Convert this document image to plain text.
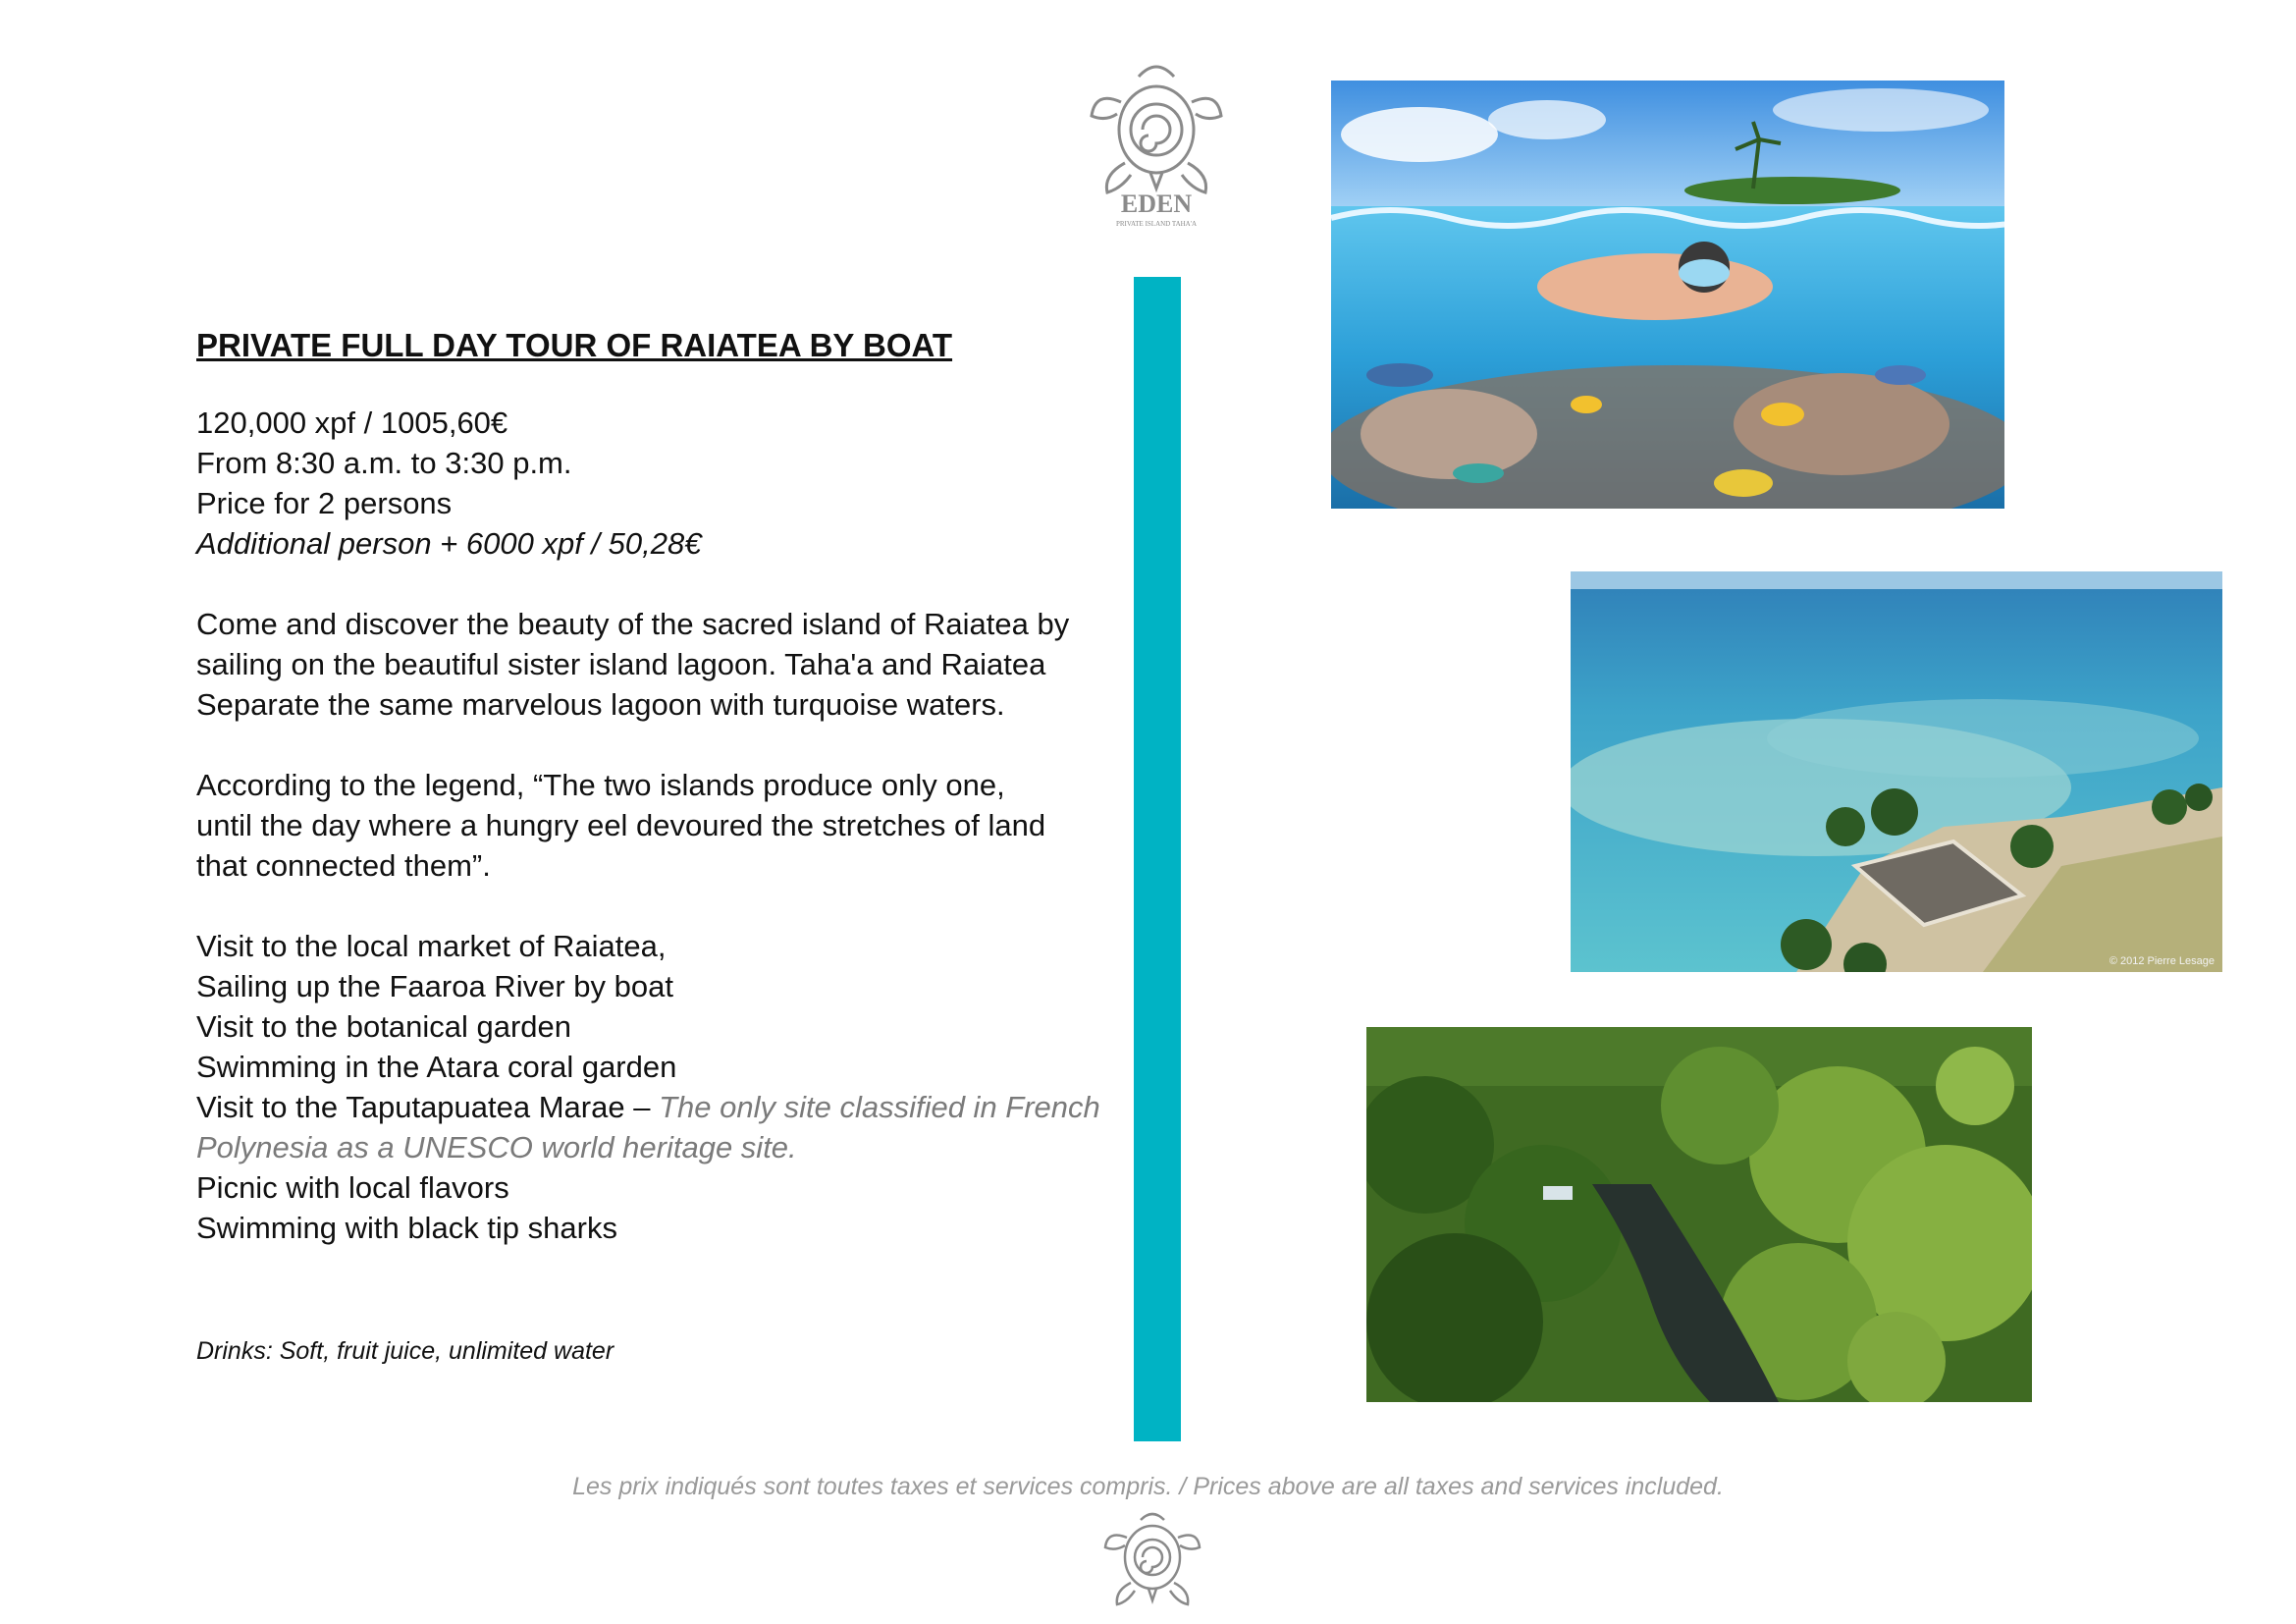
EDEN
PRIVATE ISLAND TAHA'A
PRIVATE FULL DAY TOUR OF RAIATEA BY BOAT
120,000 xpf / 1005,60€
From 8:30 a.m. to 3:30 p.m.
Price for 2 persons
Additional person + 6000 xpf / 50,28€
Come and discover the beauty of the sacred island of Raiatea by
sailing on the beautiful sister island lagoon. Taha'a and Raiatea
Separate the same marvelous lagoon with turquoise waters.
According to the legend, “The two islands produce only one,
until the day where a hungry eel devoured the stretches of land
that connected them”.
Visit to the local market of Raiatea,
Sailing up the Faaroa River by boat
Visit to the botanical garden
Swimming in the Atara coral garden
Visit to the Taputapuatea Marae – The only site classified in French
Polynesia as a UNESCO world heritage site.
Picnic with local flavors
Swimming with black tip sharks
Drinks: Soft, fruit juice, unlimited water
© 2012 Pierre Lesage
Les prix indiqués sont toutes taxes et services compris. / Prices above are all taxes and services included.
